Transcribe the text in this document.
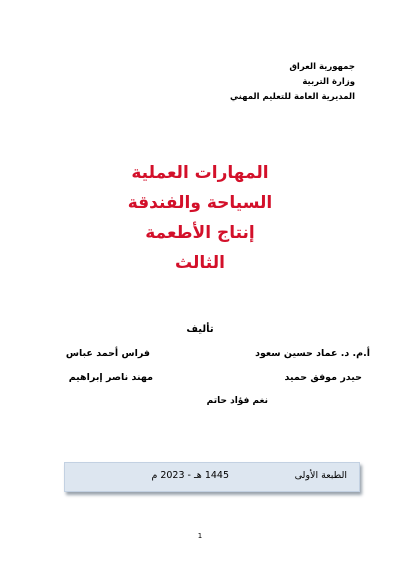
جمهورية العراق
وزارة التربية
المديرية العامة للتعليم المهني
المهارات العملية
السياحة والفندقة
إنتاج الأطعمة
الثالث
تأليف
أ.م. د. عماد حسين سعود
فراس أحمد عباس
حيدر موفق حميد
مهند ناصر إبراهيم
نغم فؤاد حاتم
الطبعة الأولى
1445 هـ - 2023 م
1
